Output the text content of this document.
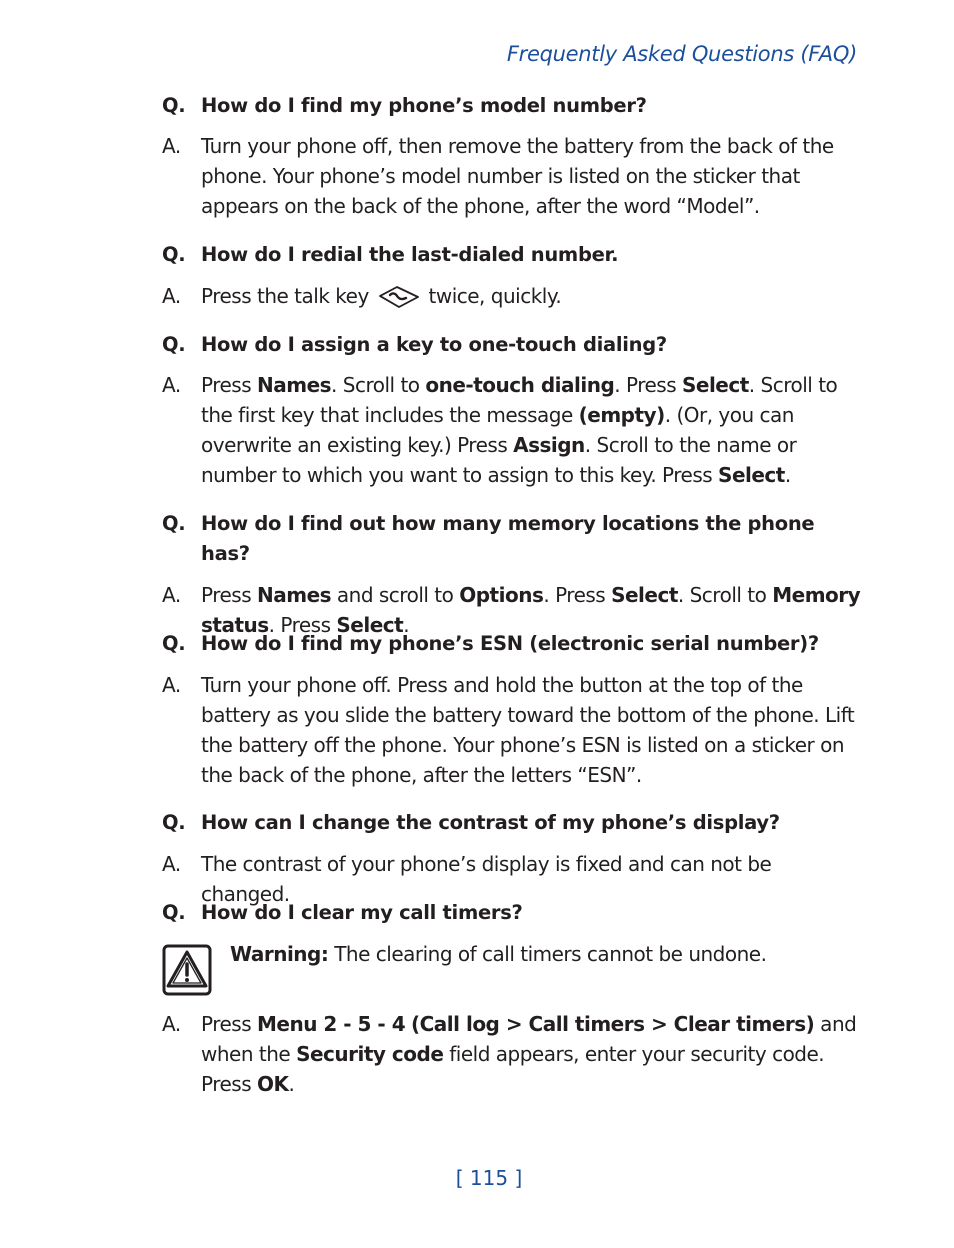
Frequently Asked Questions (FAQ)
Q. How do I find my phone’s model number?
A.	Turn your phone off, then remove the battery from the back of the phone. Your phone’s model number is listed on the sticker that appears on the back of the phone, after the word “Model”.
Q. How do I redial the last-dialed number.
A.	Press the talk key	twice, quickly.
Q. How do I assign a key to one-touch dialing?
A.	Press Names. Scroll to one-touch dialing. Press Select. Scroll to the first key that includes the message (empty). (Or, you can overwrite an existing key.) Press Assign. Scroll to the name or number to which you want to assign to this key. Press Select.
Q. How do I find out how many memory locations the phone has?
A.	Press Names and scroll to Options. Press Select. Scroll to Memory status. Press Select.
Q. How do I find my phone’s ESN (electronic serial number)?
A.	Turn your phone off. Press and hold the button at the top of the battery as you slide the battery toward the bottom of the phone. Lift the battery off the phone. Your phone’s ESN is listed on a sticker on the back of the phone, after the letters “ESN”.
Q. How can I change the contrast of my phone’s display?
A.	The contrast of your phone’s display is fixed and can not be changed.
Q. How do I clear my call timers?
Warning: The clearing of call timers cannot be undone.
A.	Press Menu 2 - 5 - 4 (Call log > Call timers > Clear timers) and when the Security code field appears, enter your security code. Press OK.
[ 115 ]
